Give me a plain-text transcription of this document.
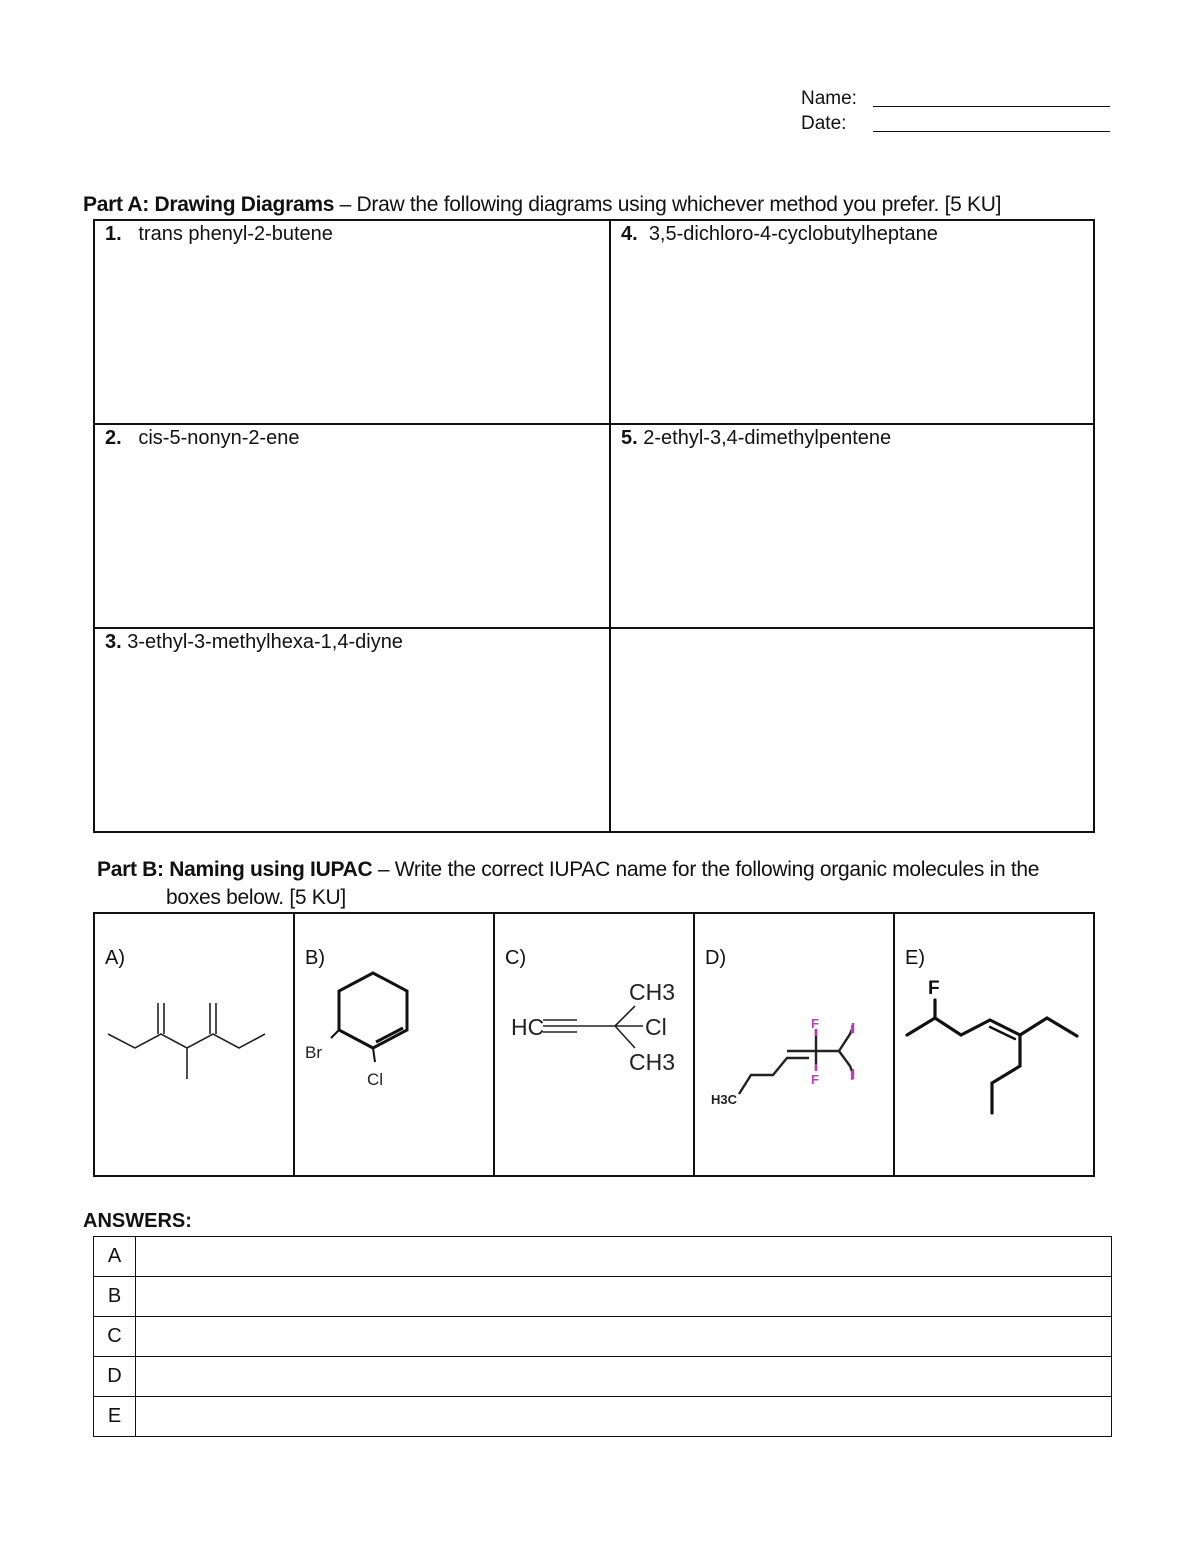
Name:
Date:
Part A: Drawing Diagrams – Draw the following diagrams using whichever method you prefer. [5 KU]
1. trans phenyl-2-butene	4. 3,5-dichloro-4-cyclobutylheptane
2. cis-5-nonyn-2-ene	5. 2-ethyl-3,4-dimethylpentene
3. 3-ethyl-3-methylhexa-1,4-diyne	
Part B: Naming using IUPAC – Write the correct IUPAC name for the following organic molecules in the
boxes below. [5 KU]
A)	B)
Br
Cl

C)
CH3
HC	Cl
CH3

D)
F I
F I
H3C

E)
F
ANSWERS:
A	
B	
C	
D	
E	
